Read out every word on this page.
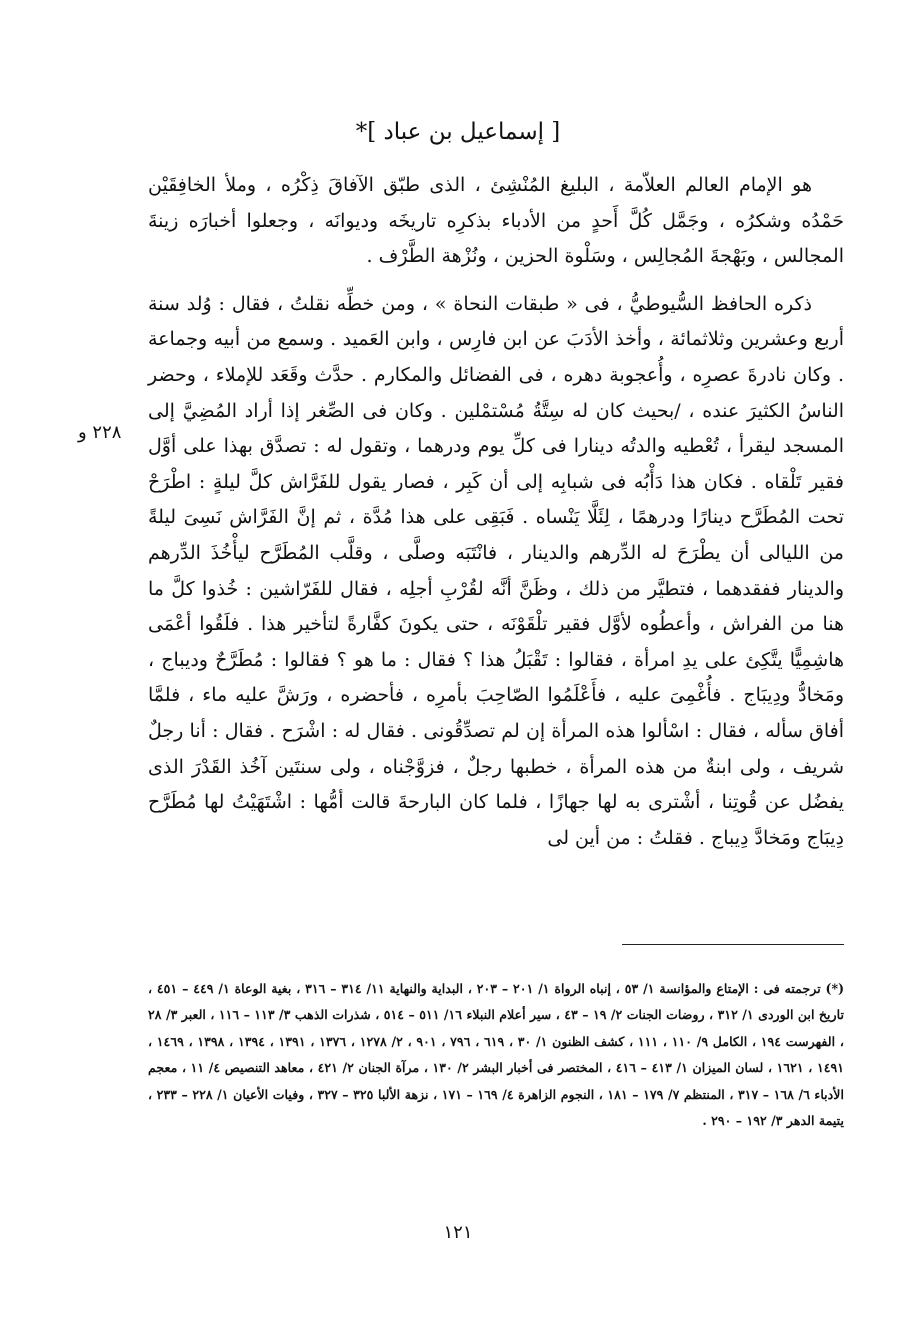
[ إسماعيل بن عباد ]*

هو الإمام العالم العلاّمة ، البليغ المُنْشِئ ، الذى طبّق الآفاقَ ذِكْرُه ، وملأ الخافِقَيْن حَمْدُه وشكرُه ، وجَمَّل كُلَّ أَحدٍ من الأدباء بذكرِه تاريخَه وديوانَه ، وجعلوا أخبارَه زينةَ المجالس ، وبَهْجةَ المُجالِس ، وسَلْوة الحزين ، ونُزْهة الطَّرْف .

ذكره الحافظ السُّيوطيُّ ، فى « طبقات النحاة » ، ومن خطِّه نقلتُ ، فقال : وُلد سنة أربع وعشرين وثلاثمائة ، وأخذ الأدَبَ عن ابن فارِس ، وابن العَميد . وسمع من أبيه وجماعة . وكان نادرةَ عصرِه ، وأُعجوبة دهره ، فى الفضائل والمكارم . حدَّث وقَعَد للإملاء ، وحضر الناسُ الكثيرَ عنده ، /بحيث كان له سِتَّةُ مُسْتمْلين . وكان فى الصِّغر إذا أراد المُضِيَّ إلى المسجد ليقرأ ، تُعْطيه والدتُه دينارا فى كلِّ يوم ودرهما ، وتقول له : تصدَّق بهذا على أوَّل فقير تَلْقاه . فكان هذا دَأْبُه فى شبابِه إلى أن كَبِر ، فصار يقول للفَرَّاش كلَّ ليلةٍ : اطْرَحْ تحت المُطَرَّح دينارًا ودرهمًا ، لِئَلَّا يَنْساه . فَبَقِى على هذا مُدَّة ، ثم إنَّ الفَرَّاش نَسِىَ ليلةً من الليالى أن يطْرَحَ له الدِّرهم والدينار ، فانْتَبَه وصلَّى ، وقلَّب المُطَرَّح ليأْخُذَ الدِّرهم والدينار ففقدهما ، فتطيَّر من ذلك ، وظَنَّ أنَّه لقُرْبِ أجلِه ، فقال للفَرّاشين : خُذوا كلَّ ما هنا من الفراش ، وأعطُوه لأوَّل فقير تلْقَوْنَه ، حتى يكونَ كفَّارةً لتأخير هذا . فلَقُوا أعْمَى هاشِمِيًّا يتَّكِئ على يدِ امرأة ، فقالوا : تَقْبَلُ هذا ؟ فقال : ما هو ؟ فقالوا : مُطَرَّحٌ وديباج ، ومَخادُّ ودِيبَاج . فأُغْمِىَ عليه ، فأَعْلَمُوا الصّاحِبَ بأمرِه ، فأحضره ، ورَشَّ عليه ماء ، فلمَّا أفاق سأله ، فقال : اسْألوا هذه المرأة إن لم تصدِّقُونى . فقال له : اشْرَح . فقال : أنا رجلٌ شريف ، ولى ابنةٌ من هذه المرأة ، خطبها رجلٌ ، فزوَّجْناه ، ولى سنتَين آخُذ القَدْرَ الذى يفضُل عن قُوتِنا ، أشْترى به لها جهازًا ، فلما كان البارحةَ قالت أمُّها : اشْتَهَيْتُ لها مُطَرَّح دِيبَاج ومَخادَّ دِيباج . فقلتُ : من أين لى

٢٢٨ و
(*) ترجمته فى : الإمتاع والمؤانسة ١/ ٥٣ ، إنباه الرواة ١/ ٢٠١ – ٢٠٣ ، البداية والنهاية ١١/ ٣١٤ – ٣١٦ ، بغية الوعاة ١/ ٤٤٩ – ٤٥١ ، تاريخ ابن الوردى ١/ ٣١٢ ، روضات الجنات ٢/ ١٩ – ٤٣ ، سير أعلام النبلاء ١٦/ ٥١١ – ٥١٤ ، شذرات الذهب ٣/ ١١٣ – ١١٦ ، العبر ٣/ ٢٨ ، الفهرست ١٩٤ ، الكامل ٩/ ١١٠ ، ١١١ ، كشف الظنون ١/ ٣٠ ، ٦١٩ ، ٧٩٦ ، ٩٠١ ، ٢/ ١٢٧٨ ، ١٣٧٦ ، ١٣٩١ ، ١٣٩٤ ، ١٣٩٨ ، ١٤٦٩ ، ١٤٩١ ، ١٦٢١ ، لسان الميزان ١/ ٤١٣ – ٤١٦ ، المختصر فى أخبار البشر ٢/ ١٣٠ ، مرآة الجنان ٢/ ٤٢١ ، معاهد التنصيص ٤/ ١١ ، معجم الأدباء ٦/ ١٦٨ – ٣١٧ ، المنتظم ٧/ ١٧٩ – ١٨١ ، النجوم الزاهرة ٤/ ١٦٩ – ١٧١ ، نزهة الألبا ٣٢٥ – ٣٢٧ ، وفيات الأعيان ١/ ٢٢٨ – ٢٣٣ ، يتيمة الدهر ٣/ ١٩٢ – ٢٩٠ .
١٢١
